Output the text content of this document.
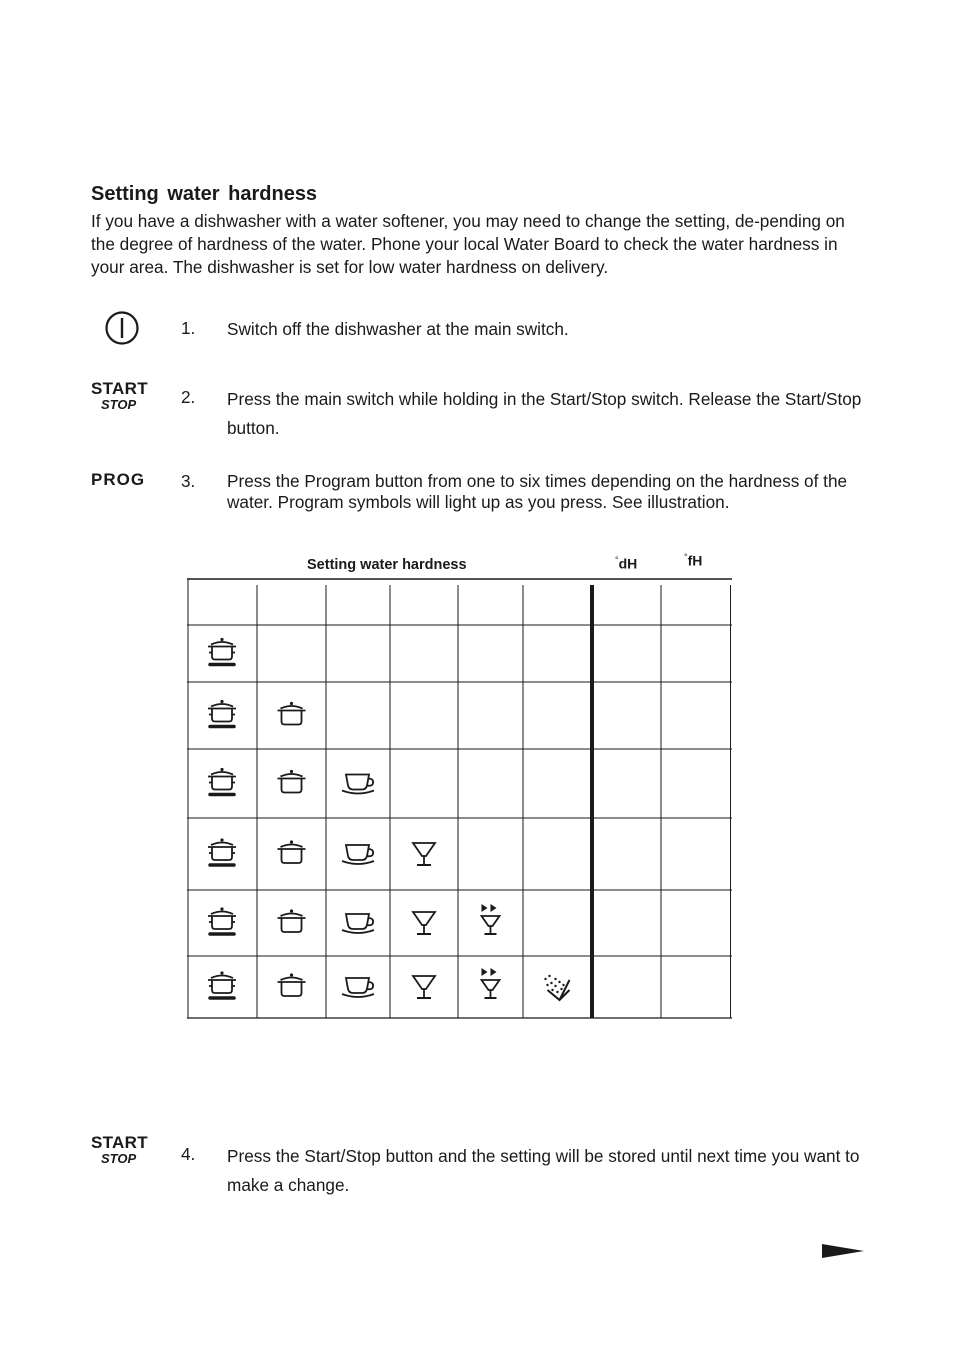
Setting water hardness

If you have a dishwasher with a water softener, you may need to change the setting, de-pending on the degree of hardness of the water. Phone your local Water Board to check the water hardness in your area. The dishwasher is set for low water hardness on delivery.

1. Switch off the dishwasher at the main switch.
START
STOP	2. Press the main switch while holding in the Start/Stop switch. Release the Start/Stop button.
PROG 3. Press the Program button from one to six times depending on the hardness of the water. Program symbols will light up as you press. See illustration.
Setting water hardness	°dH	°fH
START
STOP	4. Press the Start/Stop button and the setting will be stored until next time you want to make a change.
